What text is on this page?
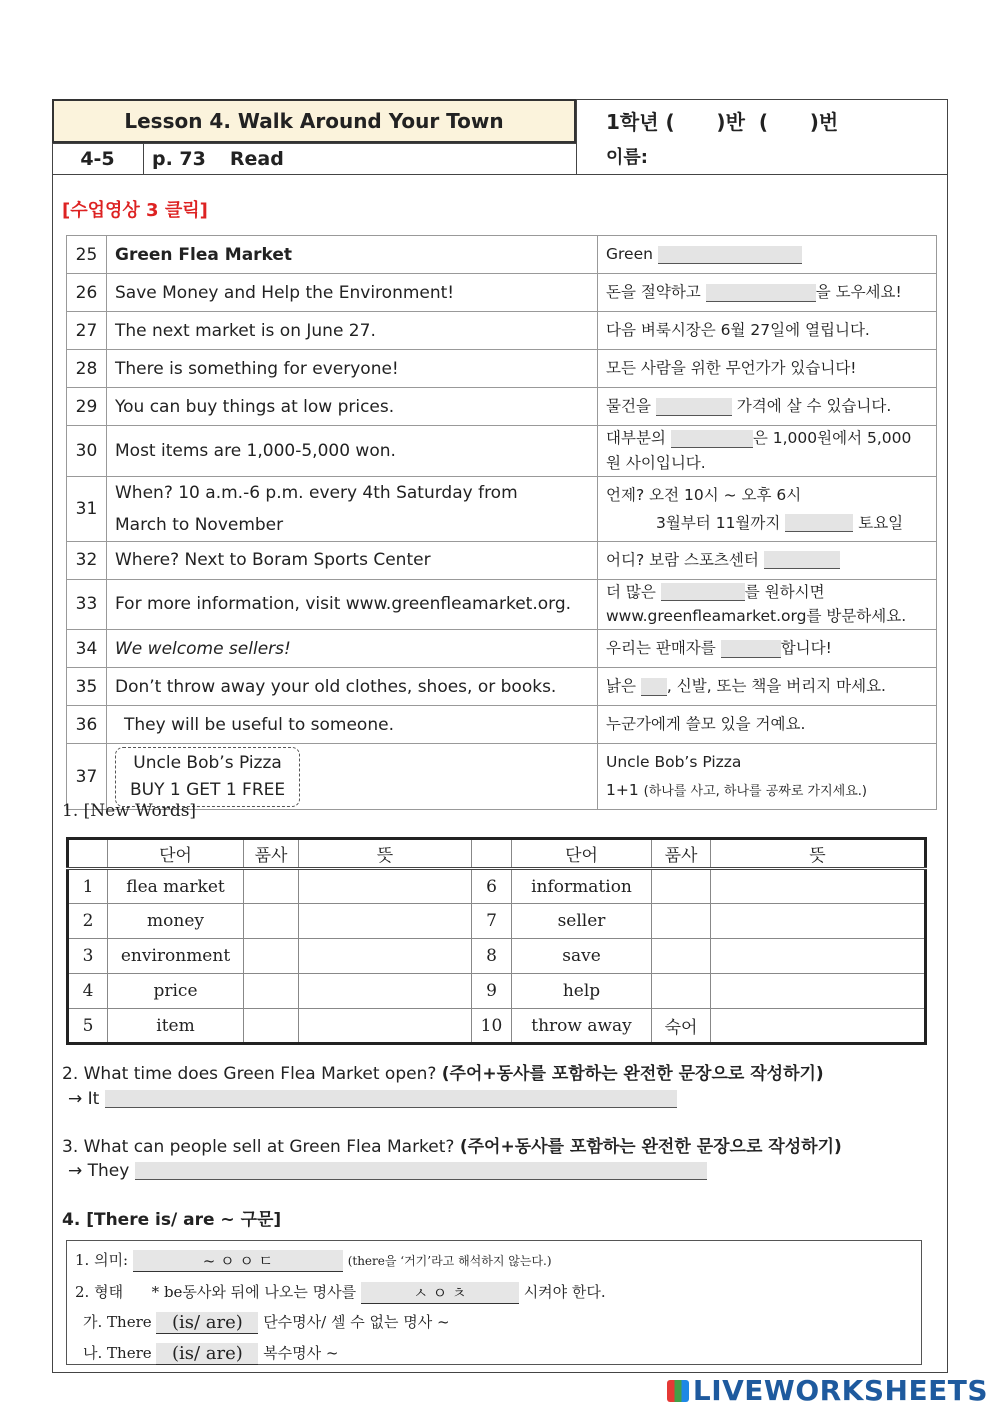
Lesson 4. Walk Around Your Town
4-5	p. 73 Read
1학년 (      )반  (      )번
이름:
[수업영상 3 클릭]
25	Green Flea Market	Green
26	Save Money and Help the Environment!	돈을 절약하고 을 도우세요!
27	The next market is on June 27.	다음 벼룩시장은 6월 27일에 열립니다.
28	There is something for everyone!	모든 사람을 위한 무언가가 있습니다!
29	You can buy things at low prices.	물건을 가격에 살 수 있습니다.
30	Most items are 1,000-5,000 won.	대부분의 은 1,000원에서 5,000
원 사이입니다.
31	When? 10 a.m.-6 p.m. every 4th Saturday from
March to November	언제? 오전 10시 ~ 오후 6시
3월부터 11월까지 토요일
32	Where? Next to Boram Sports Center	어디? 보람 스포츠센터
33	For more information, visit www.greenfleamarket.org.	더 많은 를 원하시면
www.greenfleamarket.org를 방문하세요.
34	We welcome sellers!	우리는 판매자를 합니다!
35	Don’t throw away your old clothes, shoes, or books.	낡은 , 신발, 또는 책을 버리지 마세요.
36	They will be useful to someone.	누군가에게 쓸모 있을 거예요.
37	Uncle Bob’s Pizza
BUY 1 GET 1 FREE	Uncle Bob’s Pizza
1+1 (하나를 사고, 하나를 공짜로 가지세요.)
1. [New Words]
	단어	품사	뜻		단어	품사	뜻
1	flea market			6	information		
2	money			7	seller		
3	environment			8	save		
4	price			9	help		
5	item			10	throw away	숙어	
2. What time does Green Flea Market open? (주어+동사를 포함하는 완전한 문장으로 작성하기)
→ It
3. What can people sell at Green Flea Market? (주어+동사를 포함하는 완전한 문장으로 작성하기)
→ They
4. [There is/ are ~ 구문]
1. 의미:	~ ㅇ ㅇ ㄷ	(there을 ‘거기’라고 해석하지 않는다.)
2. 형태 * be동사와 뒤에 나오는 명사를	ㅅ ㅇ ㅊ	시켜야 한다.
가. There (is/ are) 단수명사/ 셀 수 없는 명사 ~
나. There (is/ are) 복수명사 ~
LIVEWORKSHEETS
